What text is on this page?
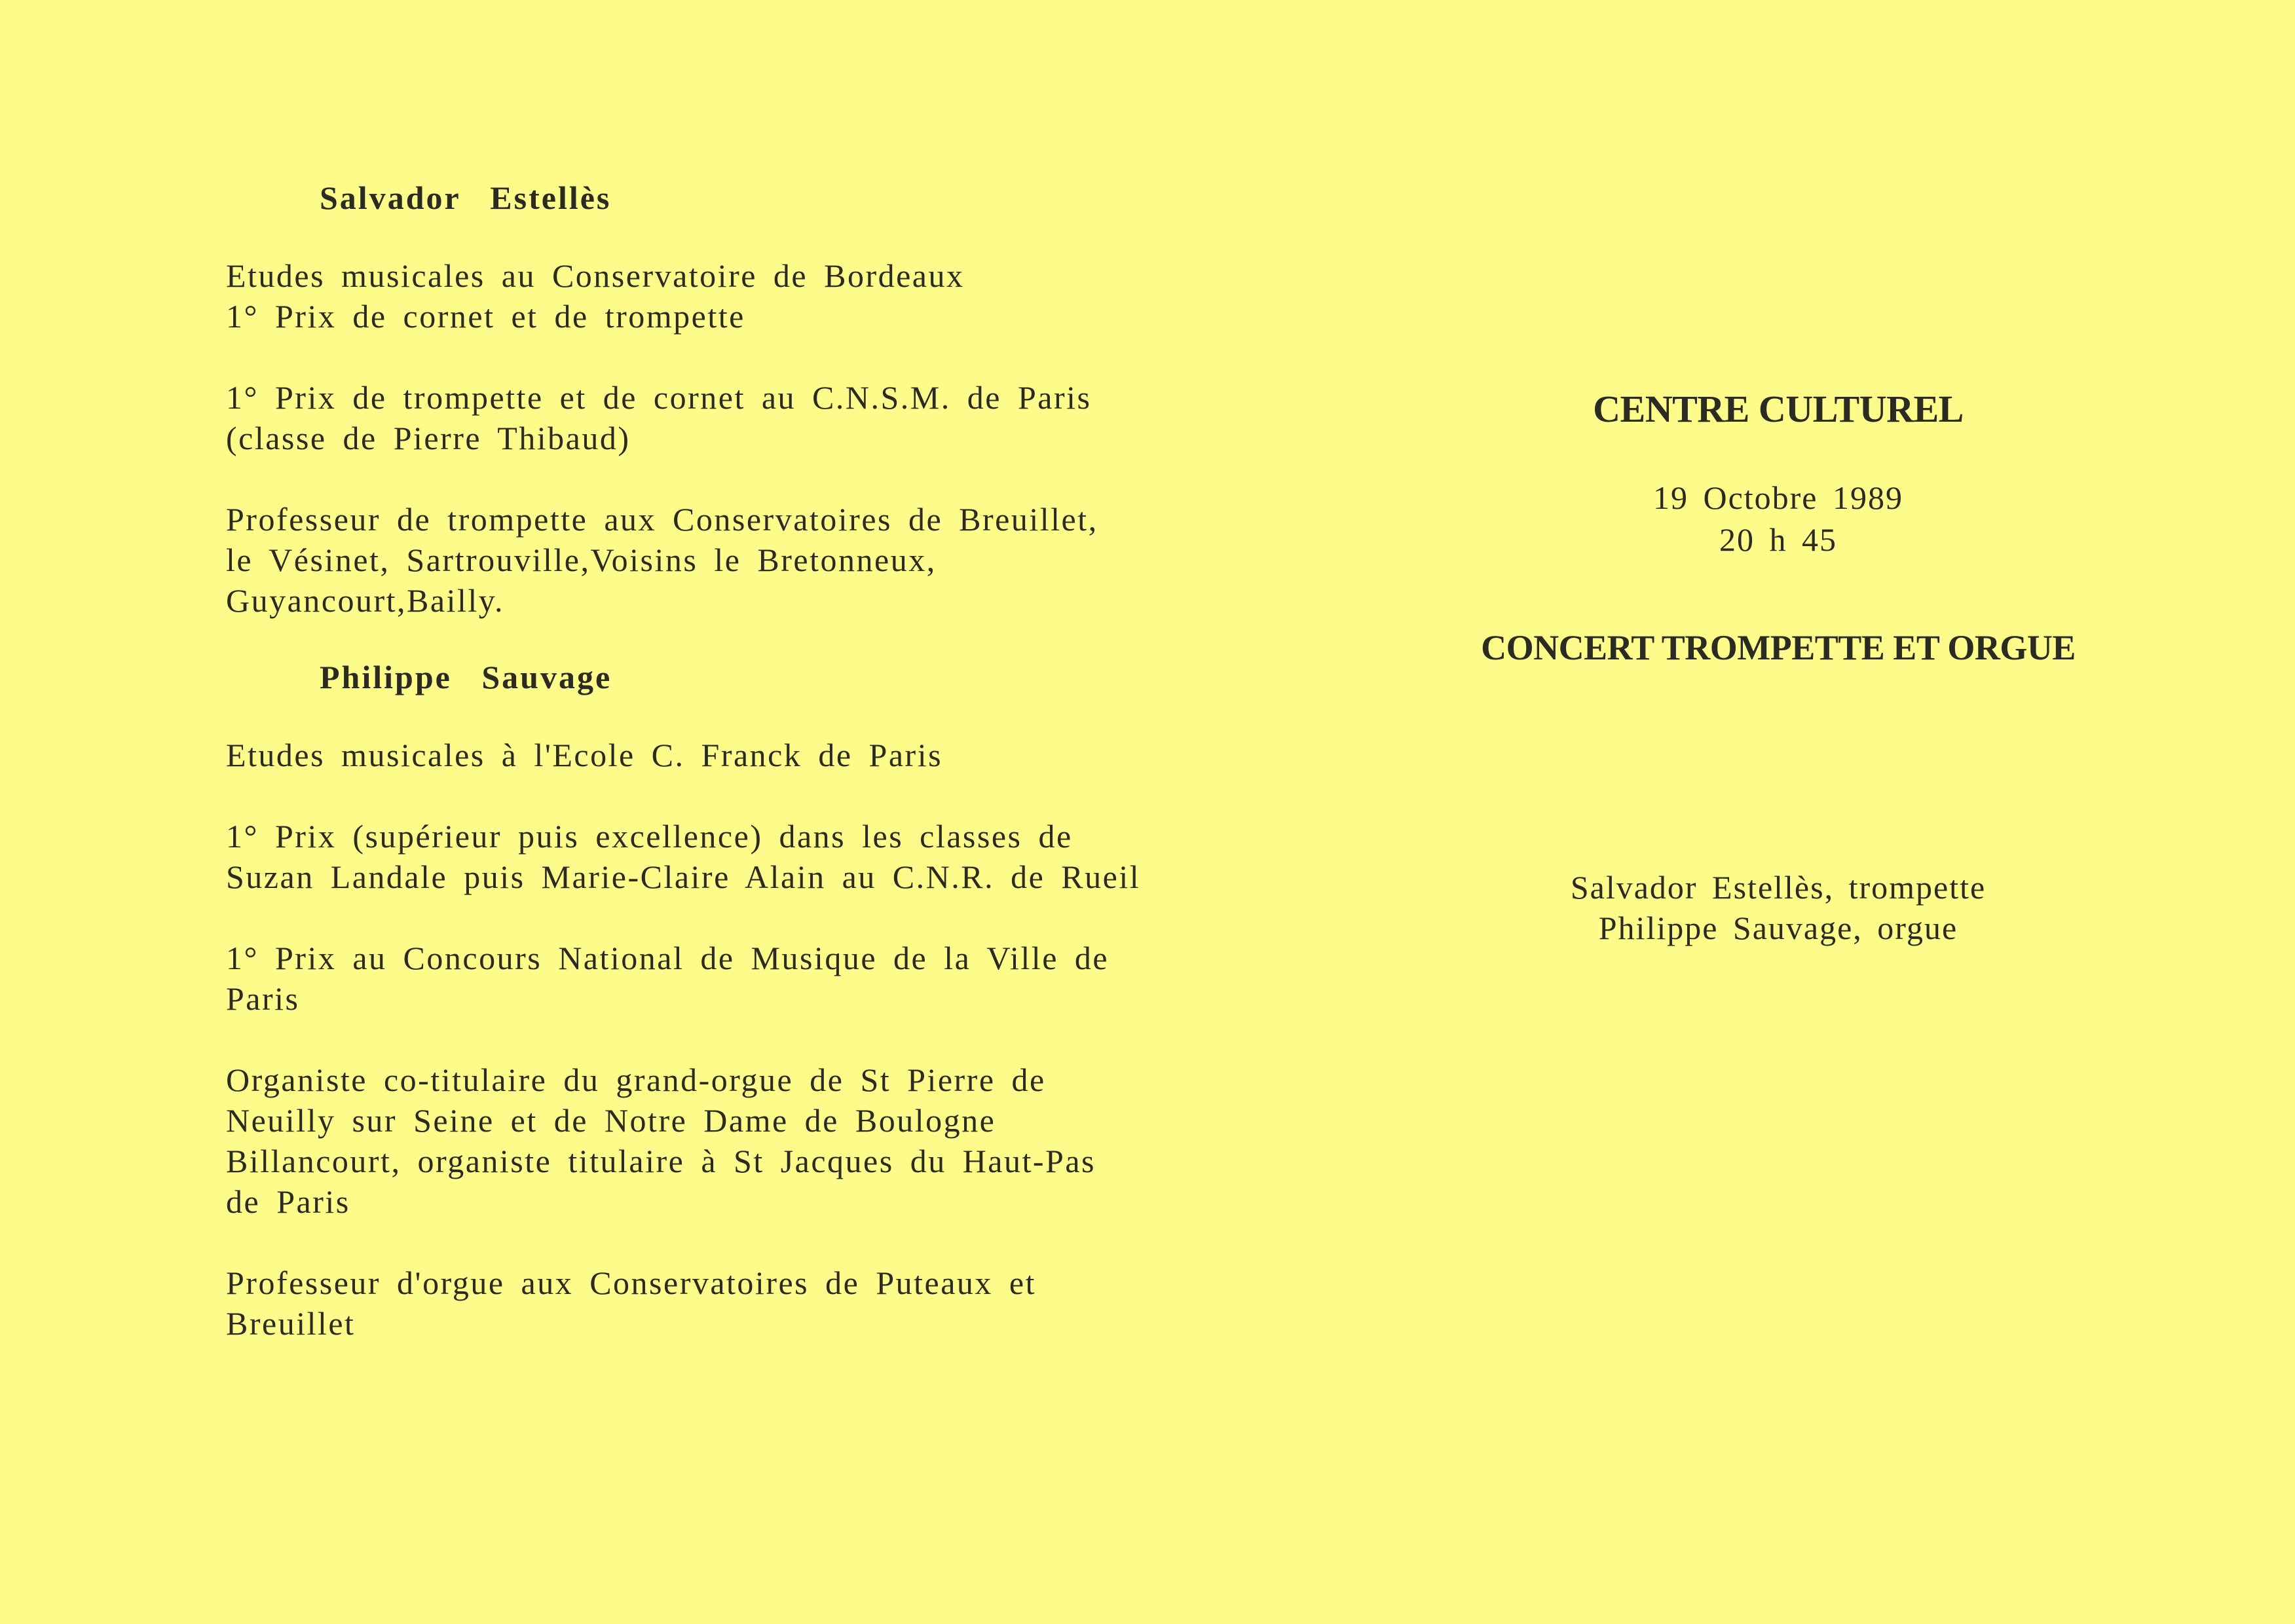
Salvador Estellès

Etudes musicales au Conservatoire de Bordeaux

1° Prix de cornet et de trompette

1° Prix de trompette et de cornet au C.N.S.M. de Paris

(classe de Pierre Thibaud)

Professeur de trompette aux Conservatoires de Breuillet,

le Vésinet, Sartrouville,Voisins le Bretonneux,

Guyancourt,Bailly.

Philippe Sauvage

Etudes musicales à l'Ecole C. Franck de Paris

1° Prix (supérieur puis excellence) dans les classes de

Suzan Landale puis Marie-Claire Alain au C.N.R. de Rueil

1° Prix au Concours National de Musique de la Ville de

Paris

Organiste co-titulaire du grand-orgue de St Pierre de

Neuilly sur Seine et de Notre Dame de Boulogne

Billancourt, organiste titulaire à St Jacques du Haut-Pas

de Paris

Professeur d'orgue aux Conservatoires de Puteaux et

Breuillet

CENTRE CULTUREL
19 Octobre 1989
20 h 45
CONCERT TROMPETTE ET ORGUE
Salvador Estellès, trompette
Philippe Sauvage, orgue
